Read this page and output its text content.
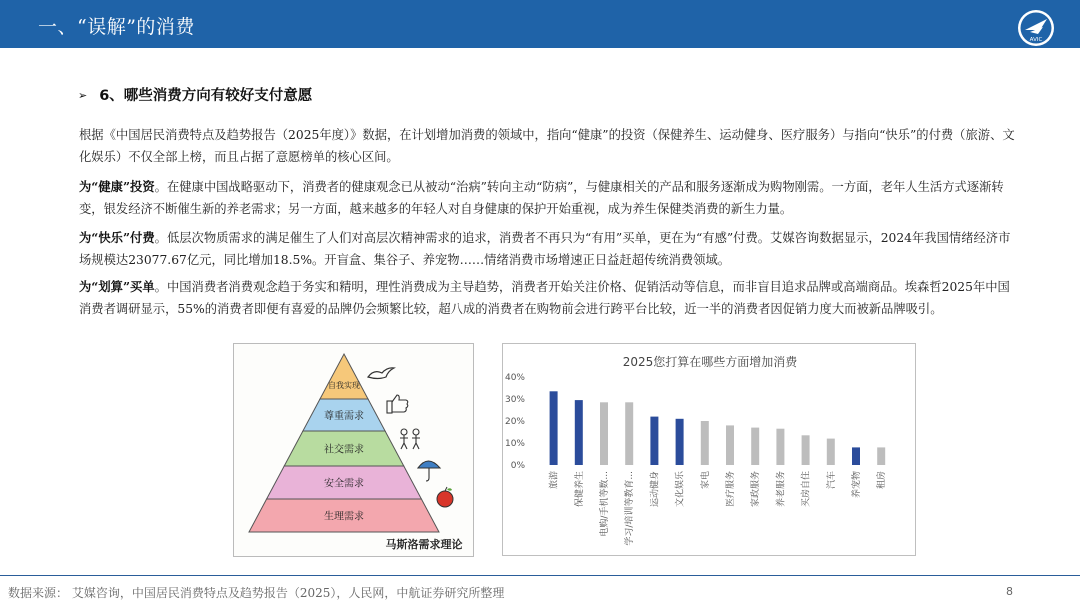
一、“误解”的消费
AVIC
➢ 6、哪些消费方向有较好支付意愿
根据《中国居民消费特点及趋势报告（2025年度）》数据，在计划增加消费的领域中，指向“健康”的投资（保健养生、运动健身、医疗服务）与指向“快乐”的付费（旅游、文化娱乐）不仅全部上榜，而且占据了意愿榜单的核心区间。
为“健康”投资。在健康中国战略驱动下，消费者的健康观念已从被动“治病”转向主动“防病”，与健康相关的产品和服务逐渐成为购物刚需。一方面，老年人生活方式逐渐转变，银发经济不断催生新的养老需求；另一方面，越来越多的年轻人对自身健康的保护开始重视，成为养生保健类消费的新生力量。
为“快乐”付费。低层次物质需求的满足催生了人们对高层次精神需求的追求，消费者不再只为“有用”买单，更在为“有感”付费。艾媒咨询数据显示，2024年我国情绪经济市场规模达23077.67亿元，同比增加18.5%。开盲盒、集谷子、养宠物……情绪消费市场增速正日益赶超传统消费领域。
为“划算”买单。中国消费者消费观念趋于务实和精明，理性消费成为主导趋势，消费者开始关注价格、促销活动等信息，而非盲目追求品牌或高端商品。埃森哲2025年中国消费者调研显示，55%的消费者即便有喜爱的品牌仍会频繁比较，超八成的消费者在购物前会进行跨平台比较，近一半的消费者因促销力度大而被新品牌吸引。
自我实现
尊重需求
社交需求
安全需求
生理需求
马斯洛需求理论
2025您打算在哪些方面增加消费
0%
10%
20%
30%
40%
旅游 保健养生 电购/手机等数... 学习/培训等教育... 运动健身 文化娱乐 家电 医疗服务 家政服务 养老服务 买房自住 汽车 养宠物 租房
数据来源： 艾媒咨询，中国居民消费特点及趋势报告（2025），人民网，中航证券研究所整理	8
